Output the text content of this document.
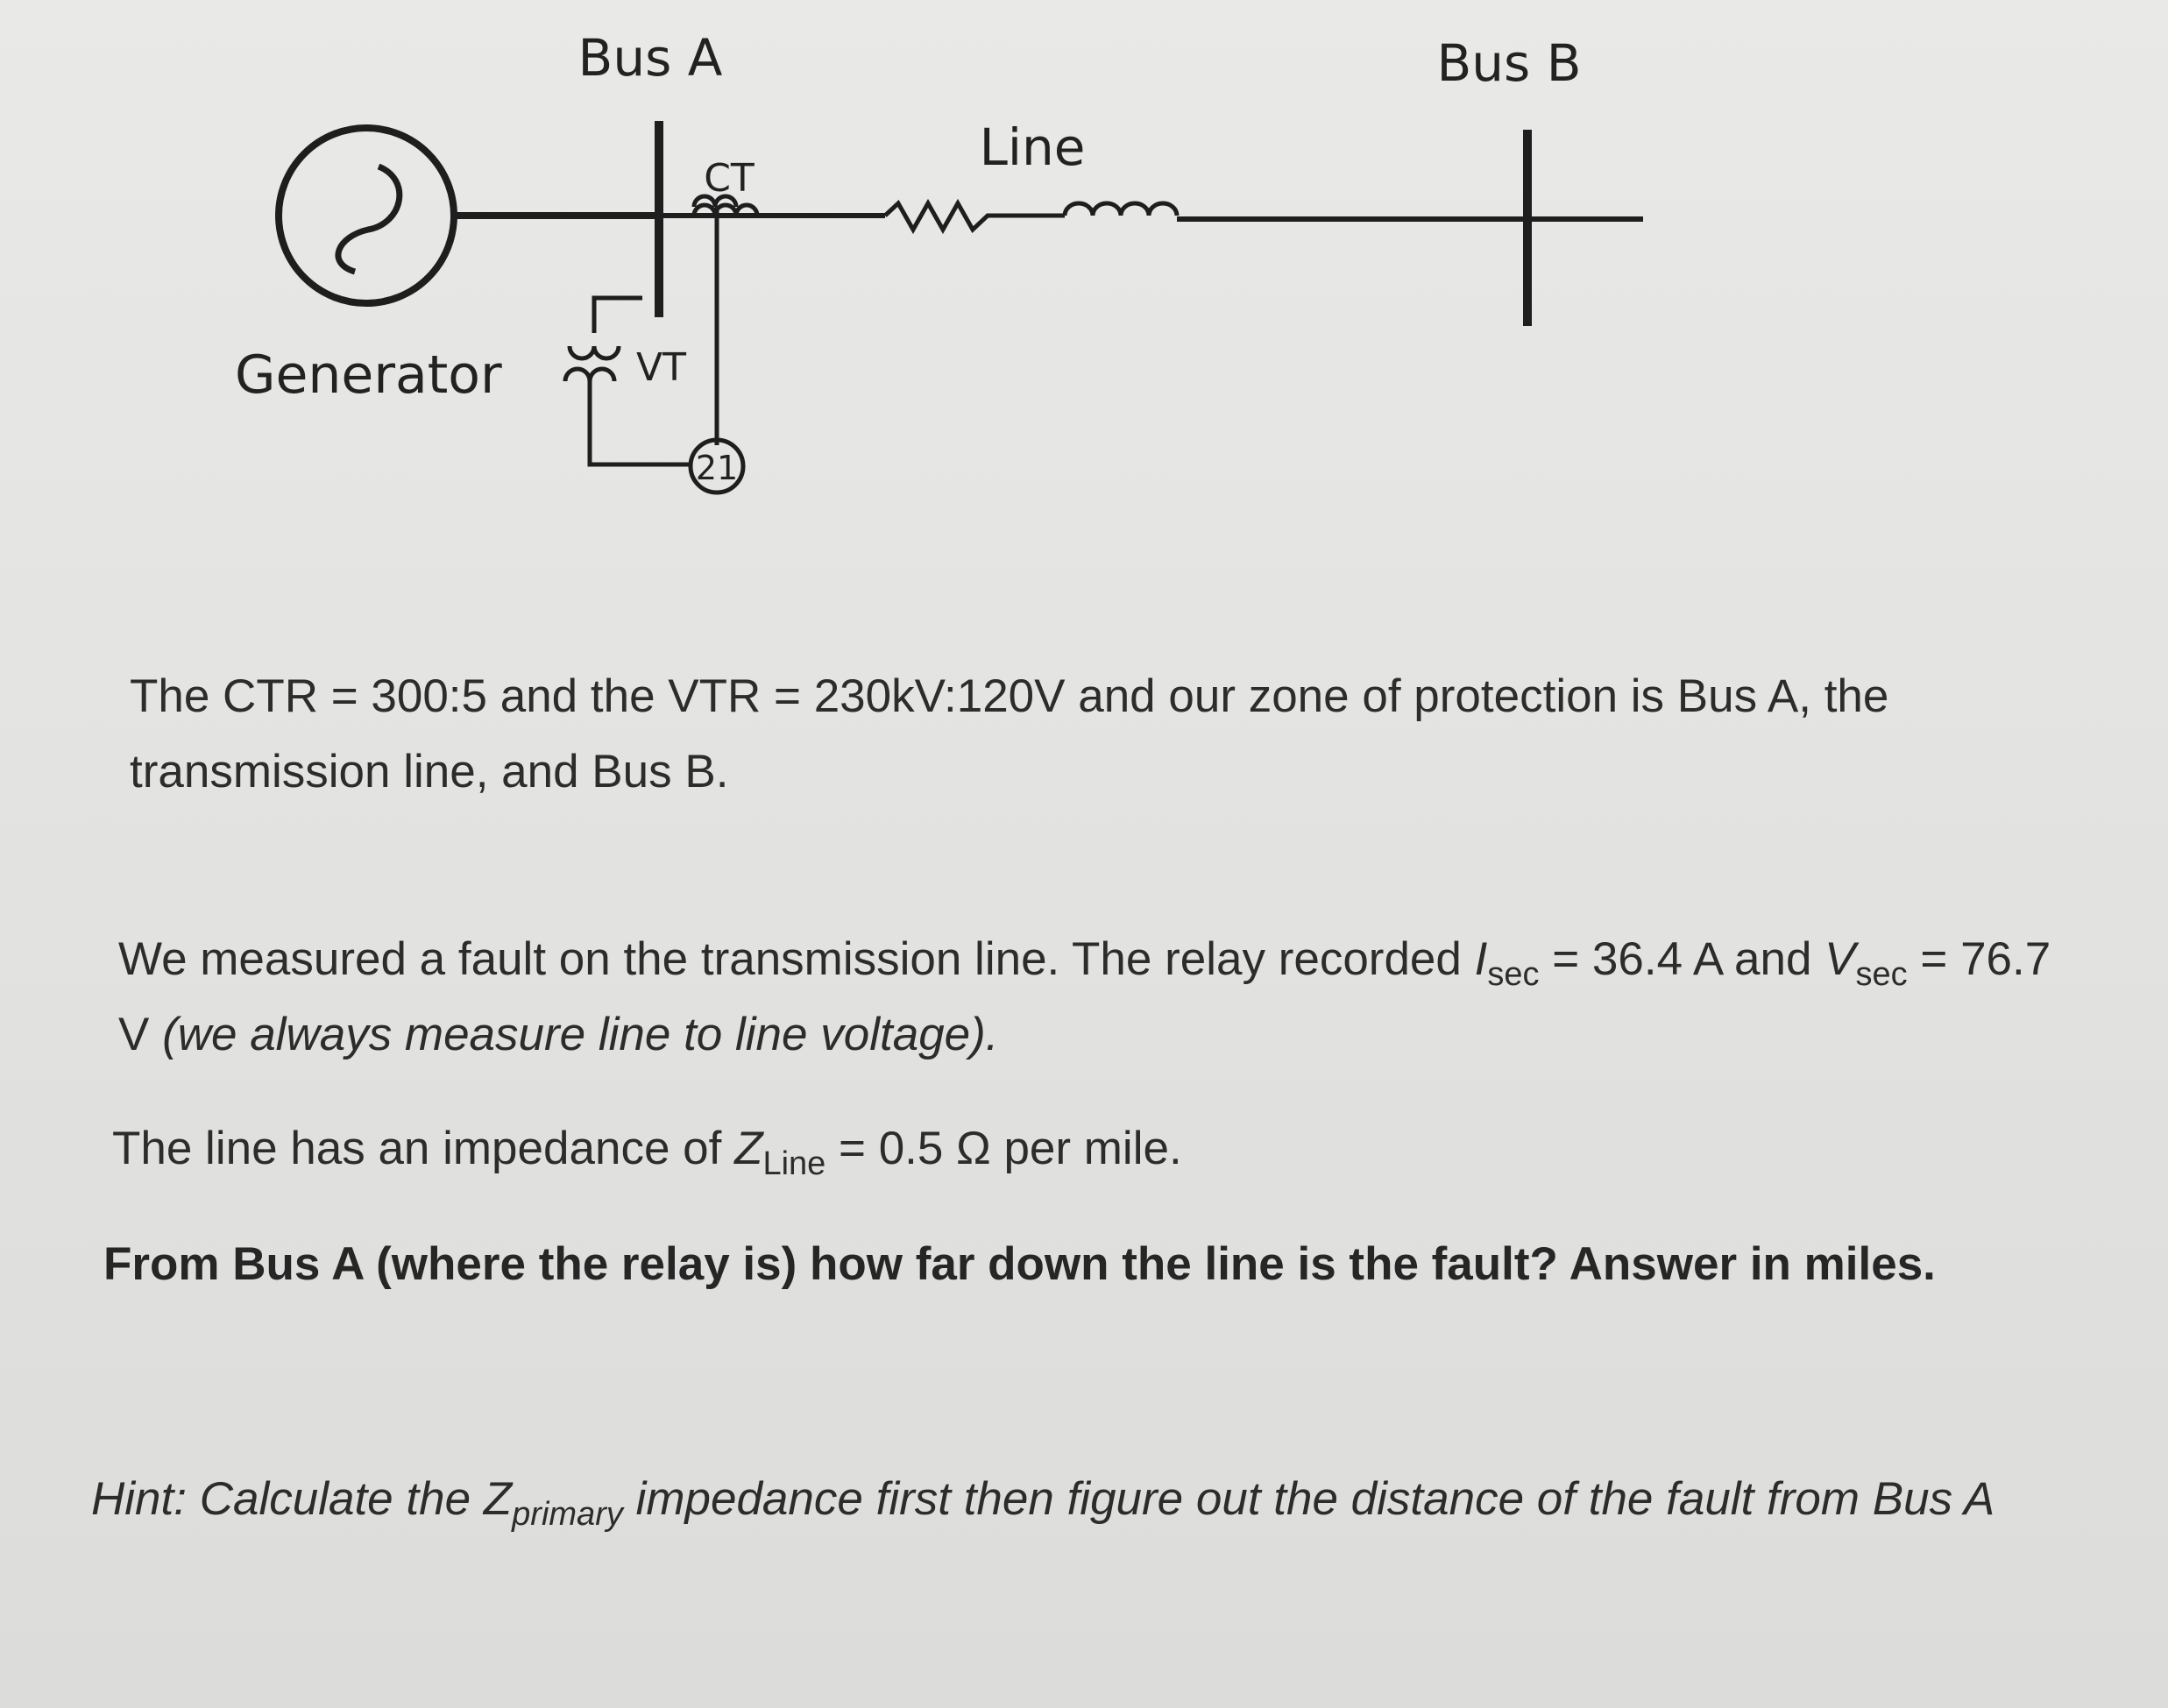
21
Bus A	Bus B
Line
CT
VT
Generator

The CTR = 300:5 and the VTR = 230kV:120V and our zone of protection is Bus A, the transmission line, and Bus B.

We measured a fault on the transmission line. The relay recorded $I_{sec} = 36.4$ A and $V_{sec} = 76.7$ V (we always measure line to line voltage).

The line has an impedance of $Z_{Line} = 0.5$ Ω per mile.

From Bus A (where the relay is) how far down the line is the fault? Answer in miles.

Hint: Calculate the $Z_{primary}$ impedance first then figure out the distance of the fault from Bus A
